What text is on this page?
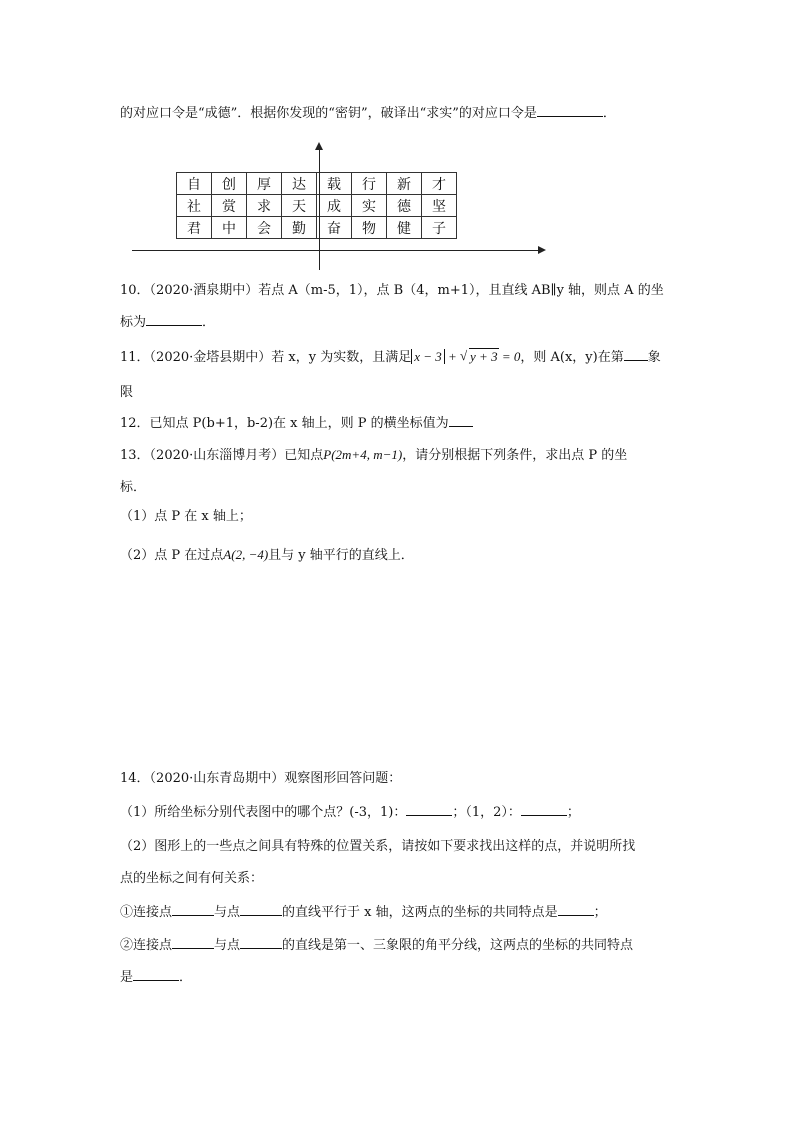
的对应口令是“成德”．根据你发现的“密钥”，破译出“求实”的对应口令是	．
自	创	厚	达	载	行	新	才
社	赏	求	天	成	实	德	坚
君	中	会	勤	奋	物	健	子
10．（2020·酒泉期中）若点 A（m-5，1），点 B（4，m+1），且直线 AB∥y 轴，则点 A 的坐
标为	．
11．（2020·金塔县期中）若 x，y 为实数，且满足 x − 3 + √ y + 3 = 0，则 A(x，y)在第 象
限
12．已知点 P(b+1，b-2)在 x 轴上，则 P 的横坐标值为
13．（2020·山东淄博月考）已知点P(2m+4, m−1)，请分别根据下列条件，求出点 P 的坐
标．
（1）点 P 在 x 轴上；
（2）点 P 在过点A(2, −4)且与 y 轴平行的直线上．
14．（2020·山东青岛期中）观察图形回答问题：
（1）所给坐标分别代表图中的哪个点？(-3，1)：	；（1，2）：	；
（2）图形上的一些点之间具有特殊的位置关系，请按如下要求找出这样的点，并说明所找
点的坐标之间有何关系：
①连接点	与点	的直线平行于 x 轴，这两点的坐标的共同特点是	；
②连接点	与点	的直线是第一、三象限的角平分线，这两点的坐标的共同特点
是	．
